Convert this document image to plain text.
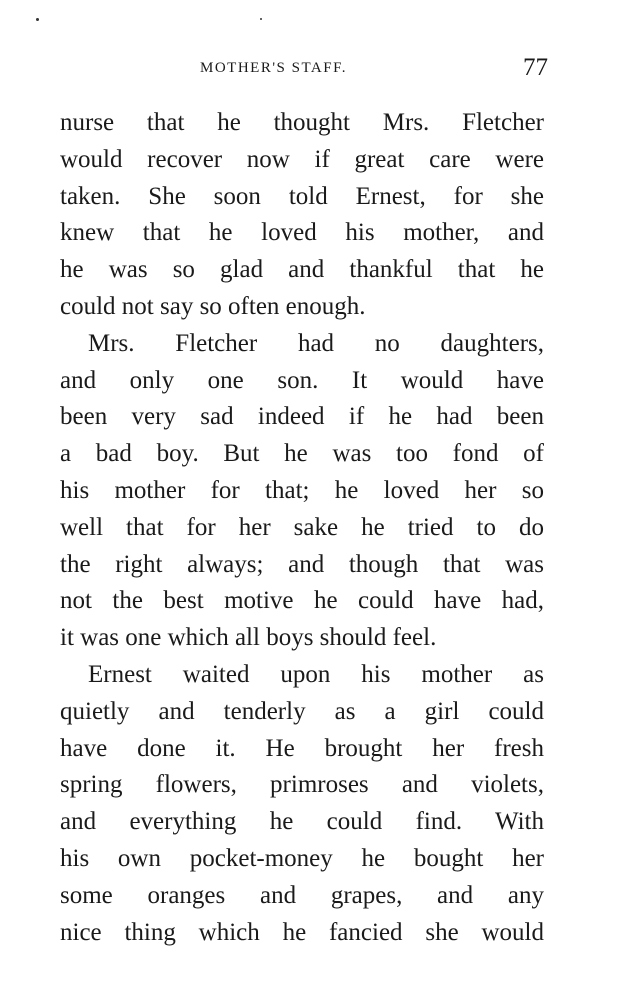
MOTHER'S STAFF.	77
nurse that he thought Mrs. Fletcher
would recover now if great care were
taken. She soon told Ernest, for she
knew that he loved his mother, and
he was so glad and thankful that he
could not say so often enough.
Mrs. Fletcher had no daughters,
and only one son. It would have
been very sad indeed if he had been
a bad boy. But he was too fond of
his mother for that; he loved her so
well that for her sake he tried to do
the right always; and though that was
not the best motive he could have had,
it was one which all boys should feel.
Ernest waited upon his mother as
quietly and tenderly as a girl could
have done it. He brought her fresh
spring flowers, primroses and violets,
and everything he could find. With
his own pocket-money he bought her
some oranges and grapes, and any
nice thing which he fancied she would
